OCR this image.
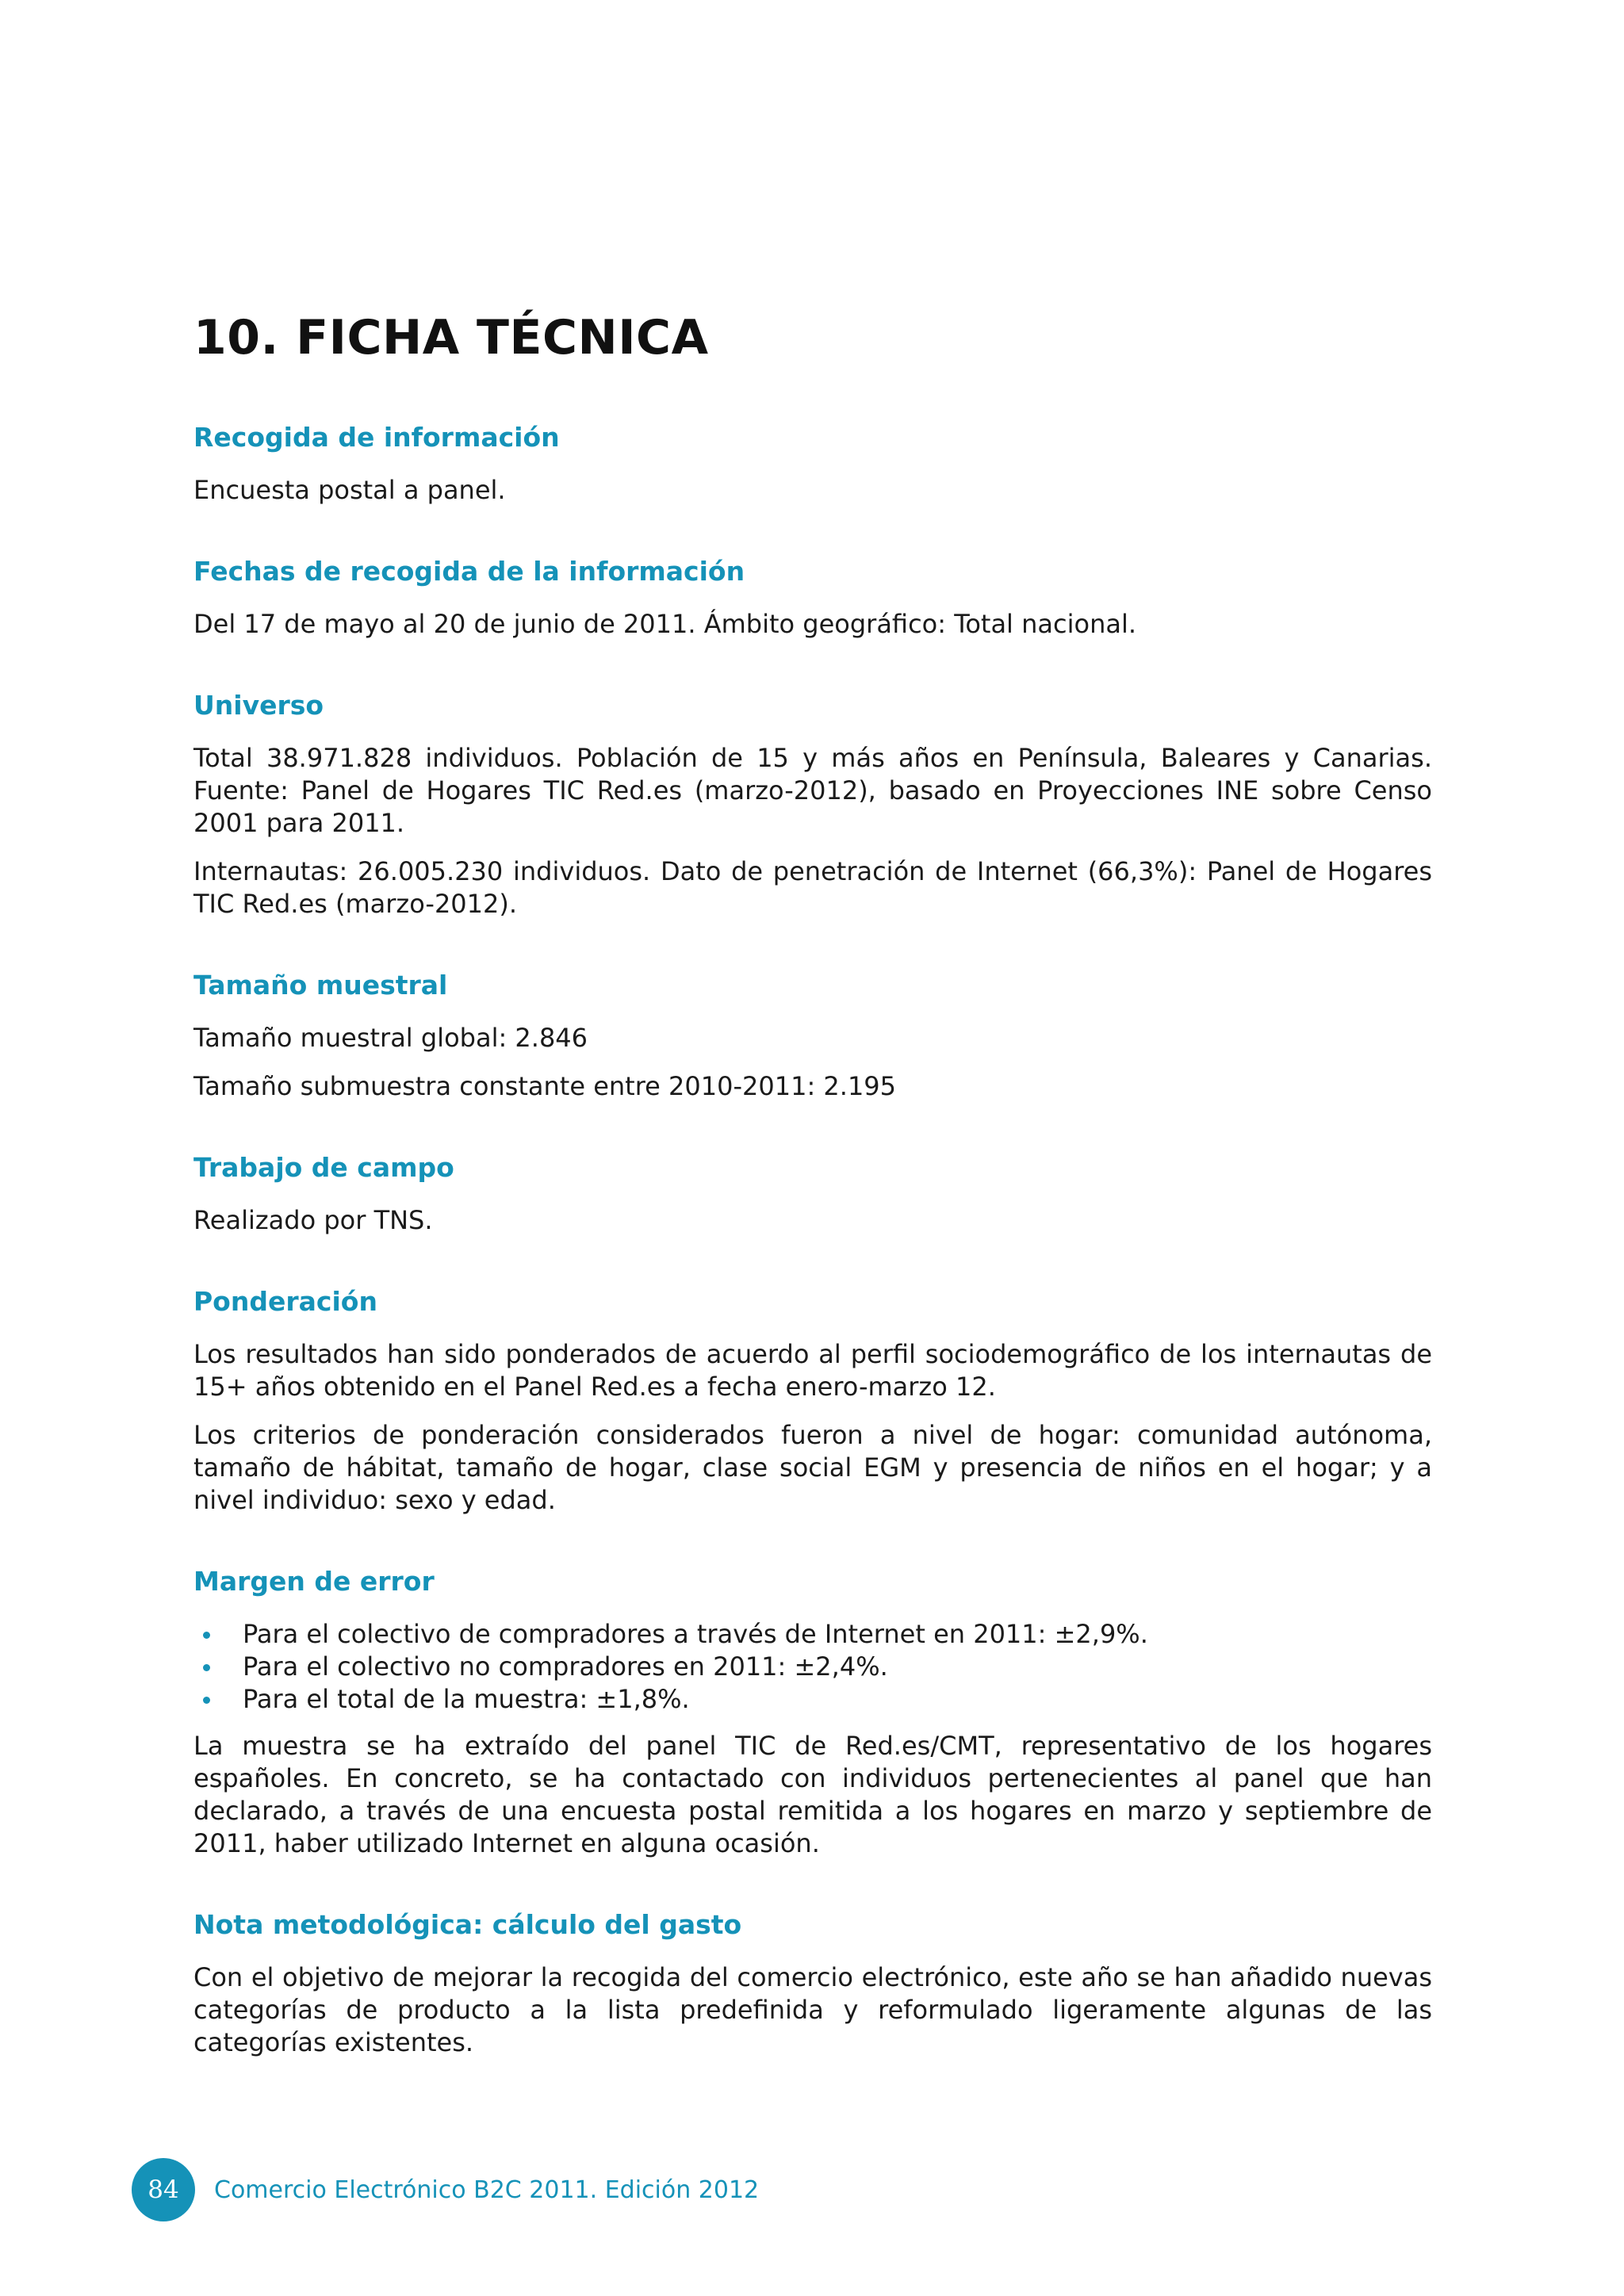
10. FICHA TÉCNICA
Recogida de información

Encuesta postal a panel.

Fechas de recogida de la información

Del 17 de mayo al 20 de junio de 2011. Ámbito geográfico: Total nacional.

Universo

Total 38.971.828 individuos. Población de 15 y más años en Península, Baleares y Canarias. Fuente: Panel de Hogares TIC Red.es (marzo-2012), basado en Proyecciones INE sobre Censo 2001 para 2011.

Internautas: 26.005.230 individuos. Dato de penetración de Internet (66,3%): Panel de Hogares TIC Red.es (marzo-2012).

Tamaño muestral

Tamaño muestral global: 2.846

Tamaño submuestra constante entre 2010-2011: 2.195

Trabajo de campo

Realizado por TNS.

Ponderación

Los resultados han sido ponderados de acuerdo al perfil sociodemográfico de los internautas de 15+ años obtenido en el Panel Red.es a fecha enero-marzo 12.

Los criterios de ponderación considerados fueron a nivel de hogar: comunidad autónoma, tamaño de hábitat, tamaño de hogar, clase social EGM y presencia de niños en el hogar; y a nivel individuo: sexo y edad.

Margen de error
Para el colectivo de compradores a través de Internet en 2011: ±2,9%.
Para el colectivo no compradores en 2011: ±2,4%.
Para el total de la muestra: ±1,8%.

La muestra se ha extraído del panel TIC de Red.es/CMT, representativo de los hogares españoles. En concreto, se ha contactado con individuos pertenecientes al panel que han declarado, a través de una encuesta postal remitida a los hogares en marzo y septiembre de 2011, haber utilizado Internet en alguna ocasión.

Nota metodológica: cálculo del gasto

Con el objetivo de mejorar la recogida del comercio electrónico, este año se han añadido nuevas categorías de producto a la lista predefinida y reformulado ligeramente algunas de las categorías existentes.

84	Comercio Electrónico B2C 2011. Edición 2012
